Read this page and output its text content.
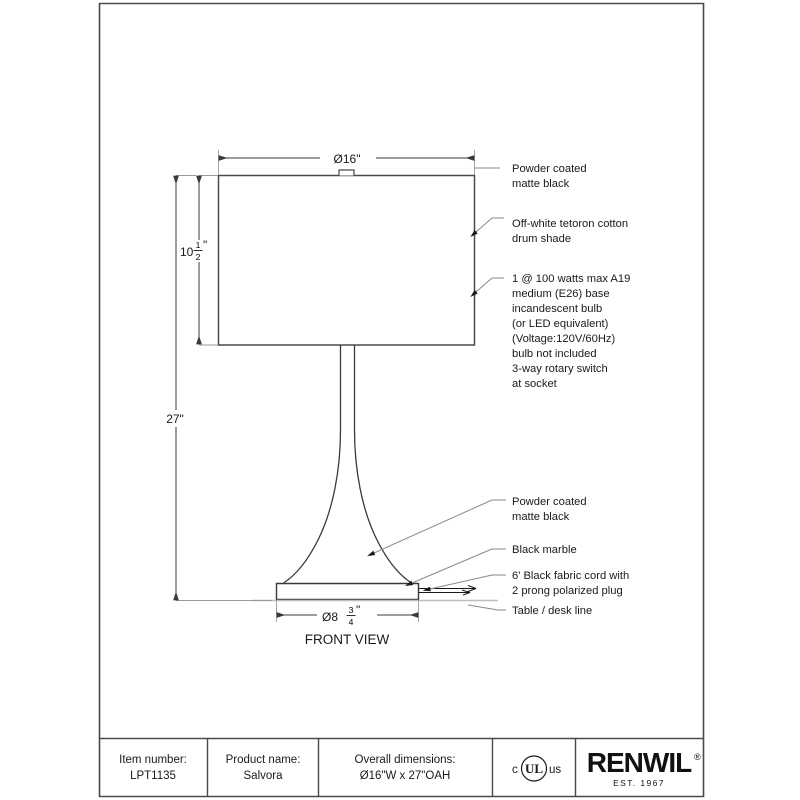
Ø16"
10 1
2
"
27"
Ø8 3
4
"
FRONT VIEW
Powder coated
matte black
Off-white tetoron cotton
drum shade
1 @ 100 watts max A19
medium (E26) base
incandescent bulb
(or LED equivalent)
(Voltage:120V/60Hz)
bulb not included
3-way rotary switch
at socket
Powder coated
matte black
Black marble
6' Black fabric cord with
2 prong polarized plug
Table / desk line
Item number:
LPT1135
Product name:
Salvora
Overall dimensions:
Ø16"W x 27"OAH	c UL us RENWIL ®
EST. 1967
